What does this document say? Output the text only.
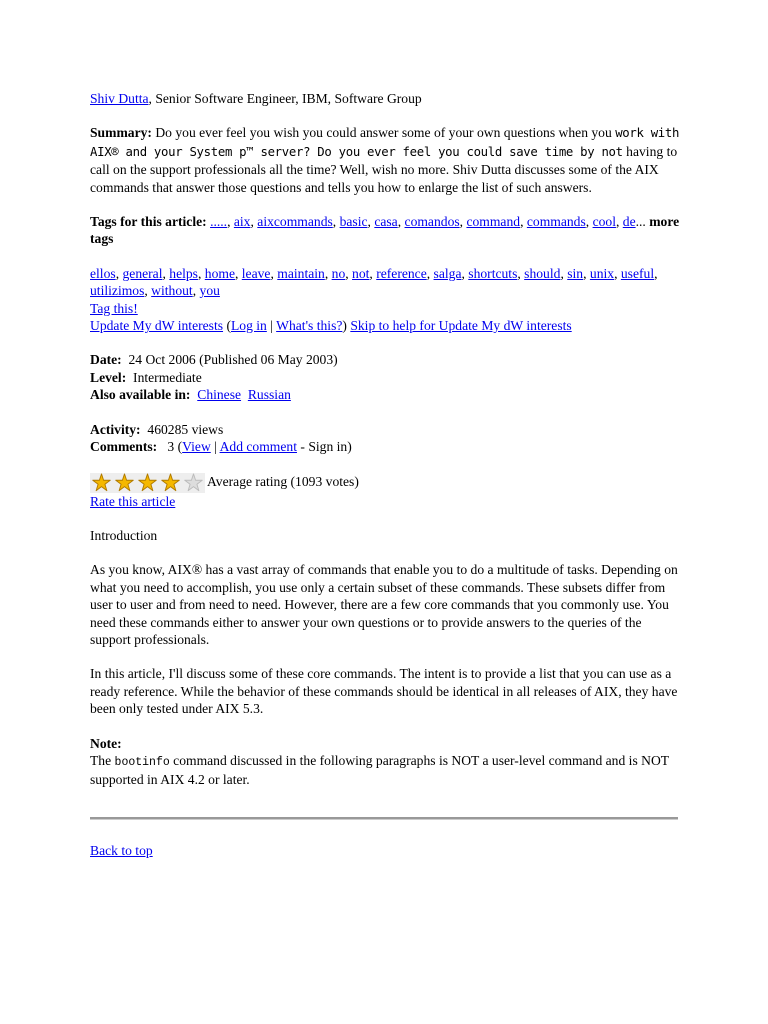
Shiv Dutta, Senior Software Engineer, IBM, Software Group

Summary: Do you ever feel you wish you could answer some of your own questions when you work with AIX® and your System p™ server? Do you ever feel you could save time by not having to call on the support professionals all the time? Well, wish no more. Shiv Dutta discusses some of the AIX commands that answer those questions and tells you how to enlarge the list of such answers.

Tags for this article: ....., aix, aixcommands, basic, casa, comandos, command, commands, cool, de... more tags

ellos, general, helps, home, leave, maintain, no, not, reference, salga, shortcuts, should, sin, unix, useful, utilizimos, without, you
Tag this!
Update My dW interests (Log in | What's this?) Skip to help for Update My dW interests

Date: 24 Oct 2006 (Published 06 May 2003)
Level: Intermediate
Also available in: Chinese Russian

Activity: 460285 views
Comments: 3 (View | Add comment - Sign in)

Average rating (1093 votes)
Rate this article

Introduction

As you know, AIX® has a vast array of commands that enable you to do a multitude of tasks. Depending on what you need to accomplish, you use only a certain subset of these commands. These subsets differ from user to user and from need to need. However, there are a few core commands that you commonly use. You need these commands either to answer your own questions or to provide answers to the queries of the support professionals.

In this article, I'll discuss some of these core commands. The intent is to provide a list that you can use as a ready reference. While the behavior of these commands should be identical in all releases of AIX, they have been only tested under AIX 5.3.

Note:
The bootinfo command discussed in the following paragraphs is NOT a user-level command and is NOT supported in AIX 4.2 or later.

Back to top
